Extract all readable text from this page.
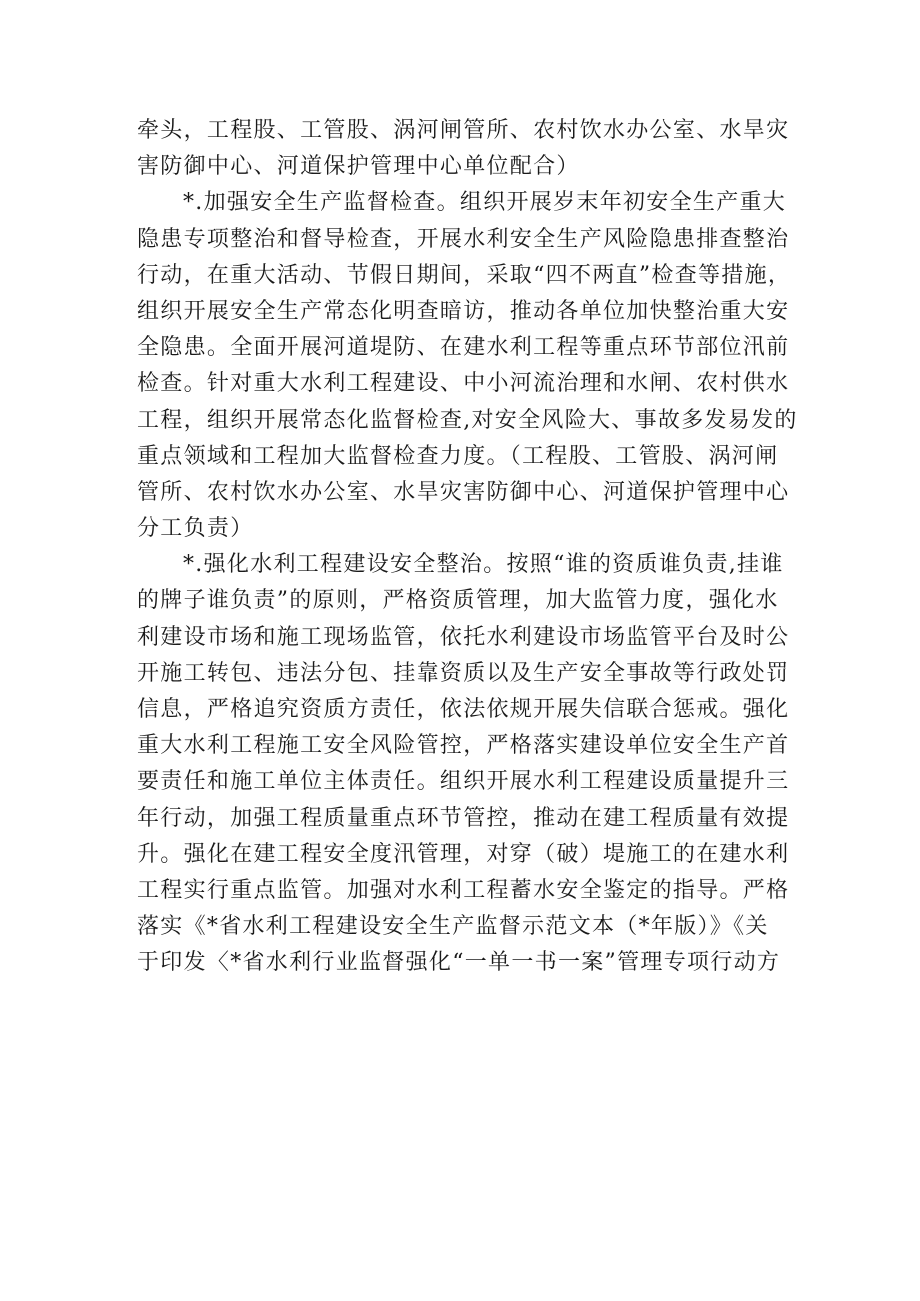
牵头，工程股、工管股、涡河闸管所、农村饮水办公室、水旱灾
害防御中心、河道保护管理中心单位配合）
*.加强安全生产监督检查。组织开展岁末年初安全生产重大
隐患专项整治和督导检查，开展水利安全生产风险隐患排查整治
行动，在重大活动、节假日期间，采取“四不两直”检查等措施，
组织开展安全生产常态化明查暗访，推动各单位加快整治重大安
全隐患。全面开展河道堤防、在建水利工程等重点环节部位汛前
检查。针对重大水利工程建设、中小河流治理和水闸、农村供水
工程，组织开展常态化监督检查,对安全风险大、事故多发易发的
重点领域和工程加大监督检查力度。（工程股、工管股、涡河闸
管所、农村饮水办公室、水旱灾害防御中心、河道保护管理中心
分工负责）
*.强化水利工程建设安全整治。按照“谁的资质谁负责,挂谁
的牌子谁负责”的原则，严格资质管理，加大监管力度，强化水
利建设市场和施工现场监管，依托水利建设市场监管平台及时公
开施工转包、违法分包、挂靠资质以及生产安全事故等行政处罚
信息，严格追究资质方责任，依法依规开展失信联合惩戒。强化
重大水利工程施工安全风险管控，严格落实建设单位安全生产首
要责任和施工单位主体责任。组织开展水利工程建设质量提升三
年行动，加强工程质量重点环节管控，推动在建工程质量有效提
升。强化在建工程安全度汛管理，对穿（破）堤施工的在建水利
工程实行重点监管。加强对水利工程蓄水安全鉴定的指导。严格
落实《*省水利工程建设安全生产监督示范文本（*年版）》《关
于印发〈*省水利行业监督强化“一单一书一案”管理专项行动方
